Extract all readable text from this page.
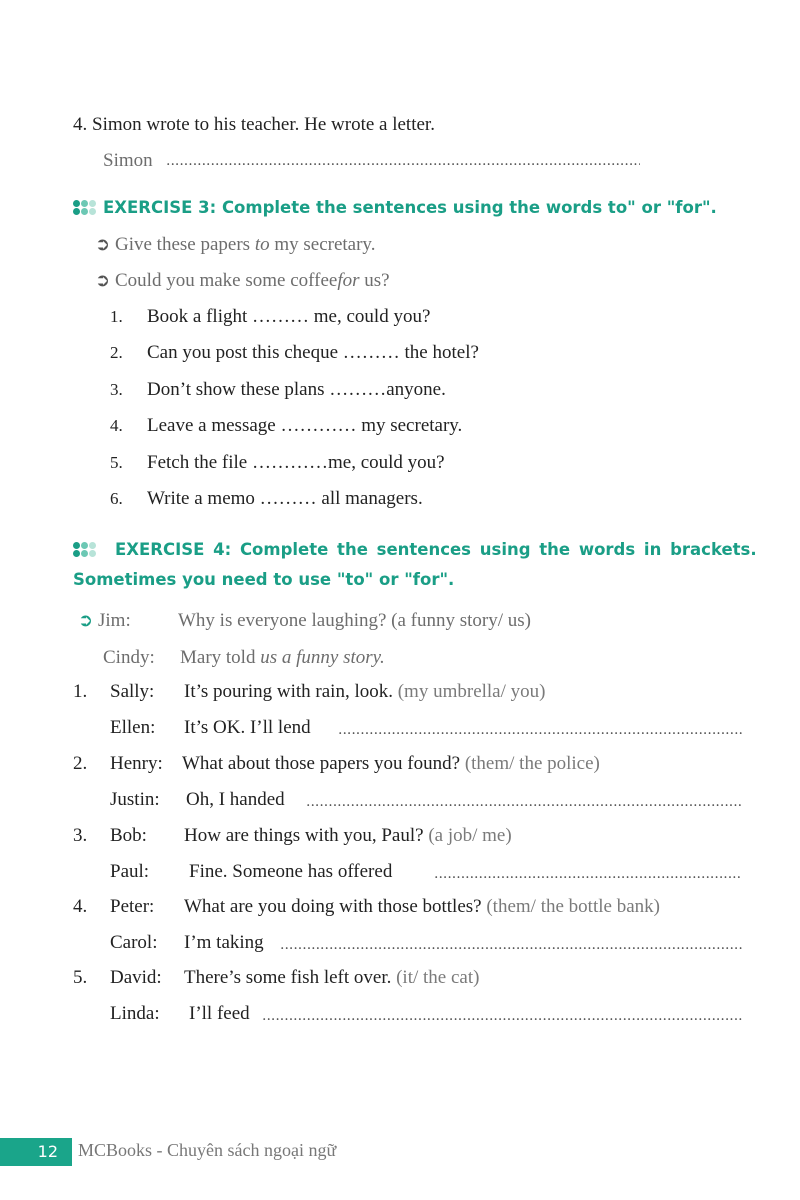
4. Simon wrote to his teacher. He wrote a letter.
Simon
.....
EXERCISE 3: Complete the sentences using the words to" or "for".
➲ Give these papers to my secretary.
➲ Could you make some coffeefor us?
1. Book a flight ……… me, could you?
2. Can you post this cheque ……… the hotel?
3. Don’t show these plans ………anyone.
4. Leave a message ………… my secretary.
5. Fetch the file …………me, could you?
6. Write a memo ……… all managers.
EXERCISE 4: Complete the sentences using the words in brackets.
Sometimes you need to use "to" or "for".
➲ Jim: Why is everyone laughing? (a funny story/ us)
Cindy: Mary told us a funny story.
1. Sally: It’s pouring with rain, look. (my umbrella/ you)
Ellen: It’s OK. I’ll lend
.....
2. Henry: What about those papers you found? (them/ the police)
Justin: Oh, I handed
.....
3. Bob: How are things with you, Paul? (a job/ me)
Paul: Fine. Someone has offered
.....
4. Peter: What are you doing with those bottles? (them/ the bottle bank)
Carol: I’m taking
.....
5. David: There’s some fish left over. (it/ the cat)
Linda: I’ll feed
.....
12	MCBooks - Chuyên sách ngoại ngữ
